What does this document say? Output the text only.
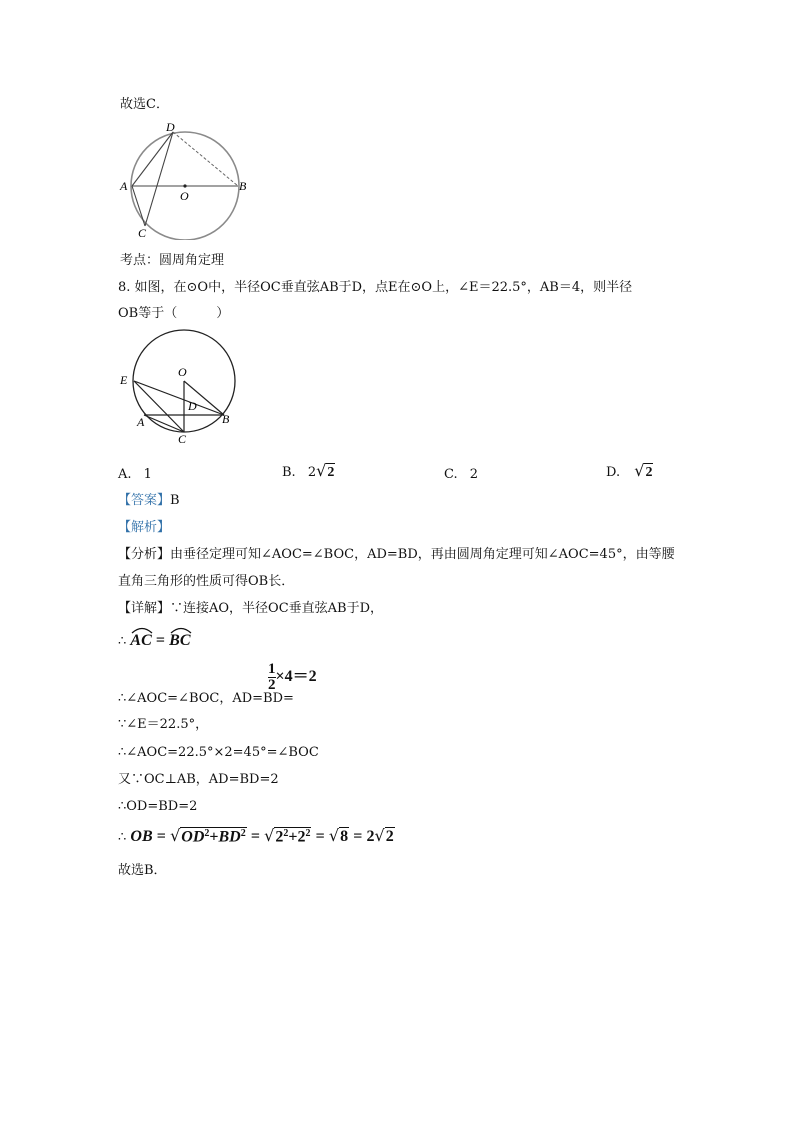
故选C．
D
A
O
B
C
考点：圆周角定理
8. 如图，在⊙O中，半径OC垂直弦AB于D，点E在⊙O上，∠E＝22.5°，AB＝4，则半径
OB等于（　　　）
E
O
D
A	B
C
A. 1	B. 2√2	C. 2	D. √2
【答案】B
【解析】
【分析】由垂径定理可知∠AOC=∠BOC，AD=BD，再由圆周角定理可知∠AOC=45°，由等腰
直角三角形的性质可得OB长．
【详解】∵连接AO，半径OC垂直弦AB于D，
∴ AC = BC
∴∠AOC=∠BOC，AD=BD=
$\frac{1}{2} \times 4=2$
∵∠E＝22.5°，
∴∠AOC=22.5°×2=45°=∠BOC
又∵OC⊥AB，AD=BD=2
∴OD=BD=2
∴ OB = $√OD^2+BD^2 = √2^2+2^2 = √8 = 2√2$
故选B．
